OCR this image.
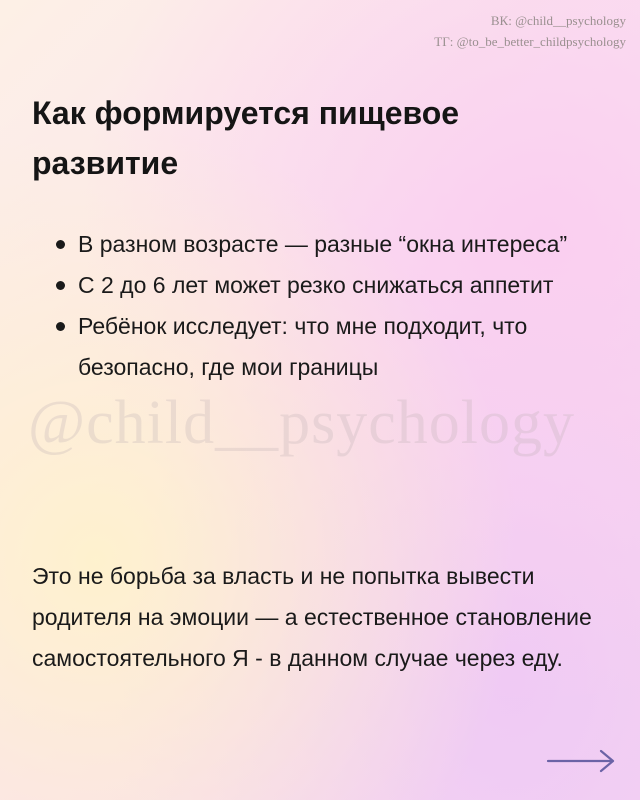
ВК: @child__psychology
ТГ: @to_be_better_childpsychology
@child__psychology
Как формируется пищевое развитие
В разном возрасте — разные “окна интереса”
С 2 до 6 лет может резко снижаться аппетит
Ребёнок исследует: что мне подходит, что безопасно, где мои границы

Это не борьба за власть и не попытка вывести родителя на эмоции — а естественное становление самостоятельного Я - в данном случае через еду.
